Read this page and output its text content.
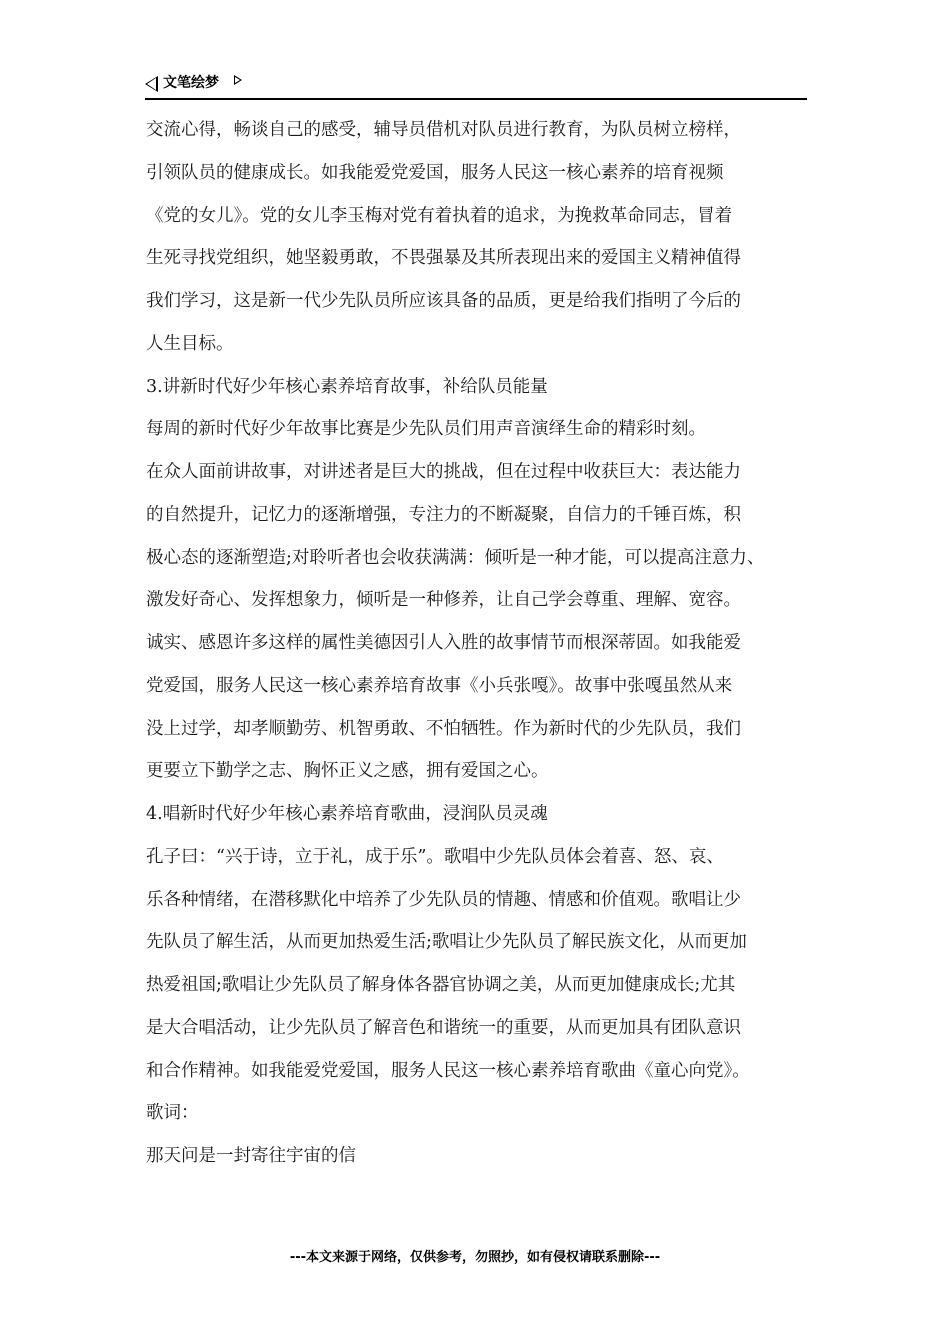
文笔绘梦
交流心得，畅谈自己的感受，辅导员借机对队员进行教育，为队员树立榜样，
引领队员的健康成长。如我能爱党爱国，服务人民这一核心素养的培育视频
《党的女儿》。党的女儿李玉梅对党有着执着的追求，为挽救革命同志，冒着
生死寻找党组织，她坚毅勇敢，不畏强暴及其所表现出来的爱国主义精神值得
我们学习，这是新一代少先队员所应该具备的品质，更是给我们指明了今后的
人生目标。
3.讲新时代好少年核心素养培育故事，补给队员能量
每周的新时代好少年故事比赛是少先队员们用声音演绎生命的精彩时刻。
在众人面前讲故事，对讲述者是巨大的挑战，但在过程中收获巨大：表达能力
的自然提升，记忆力的逐渐增强，专注力的不断凝聚，自信力的千锤百炼，积
极心态的逐渐塑造;对聆听者也会收获满满：倾听是一种才能，可以提高注意力、
激发好奇心、发挥想象力，倾听是一种修养，让自己学会尊重、理解、宽容。
诚实、感恩许多这样的属性美德因引人入胜的故事情节而根深蒂固。如我能爱
党爱国，服务人民这一核心素养培育故事《小兵张嘎》。故事中张嘎虽然从来
没上过学，却孝顺勤劳、机智勇敢、不怕牺牲。作为新时代的少先队员，我们
更要立下勤学之志、胸怀正义之感，拥有爱国之心。
4.唱新时代好少年核心素养培育歌曲，浸润队员灵魂
孔子曰：“兴于诗，立于礼，成于乐”。歌唱中少先队员体会着喜、怒、哀、
乐各种情绪，在潜移默化中培养了少先队员的情趣、情感和价值观。歌唱让少
先队员了解生活，从而更加热爱生活;歌唱让少先队员了解民族文化，从而更加
热爱祖国;歌唱让少先队员了解身体各器官协调之美，从而更加健康成长;尤其
是大合唱活动，让少先队员了解音色和谐统一的重要，从而更加具有团队意识
和合作精神。如我能爱党爱国，服务人民这一核心素养培育歌曲《童心向党》。
歌词：
那天问是一封寄往宇宙的信
---本文来源于网络，仅供参考，勿照抄，如有侵权请联系删除---
